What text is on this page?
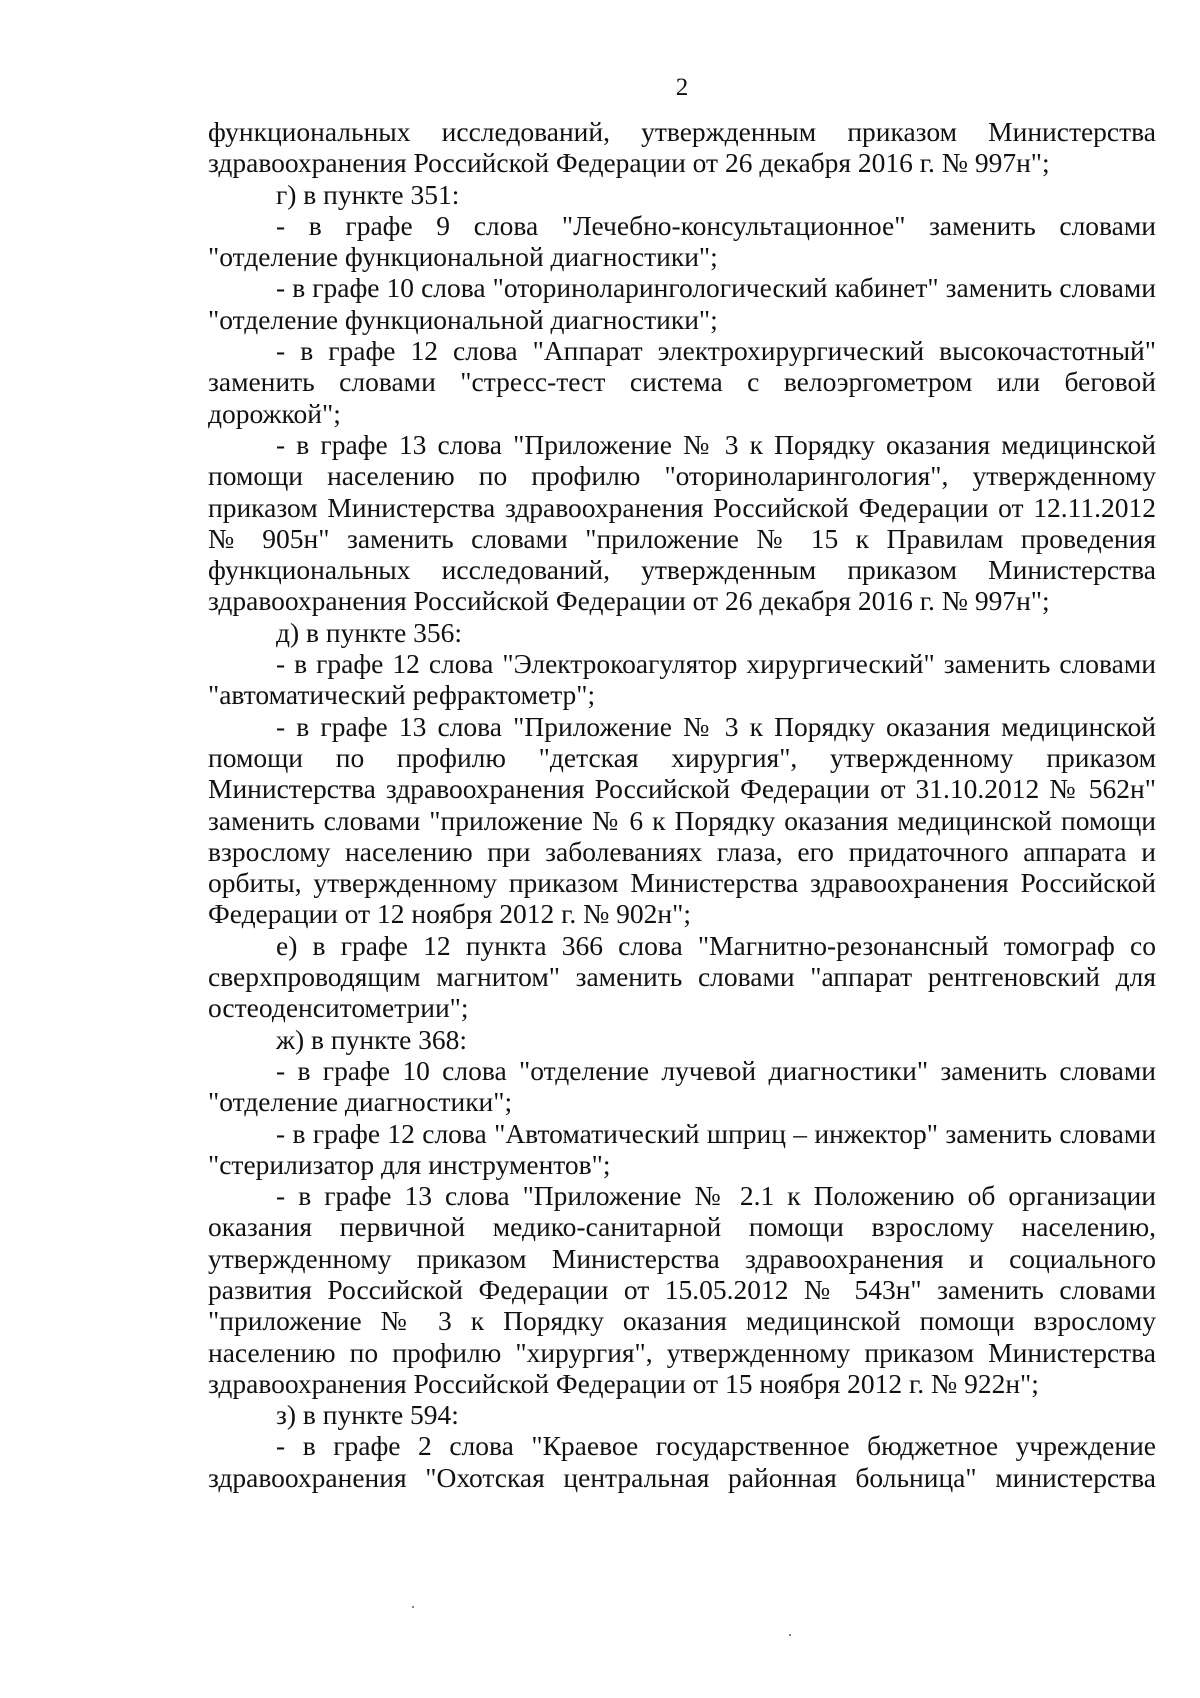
2

функциональных исследований, утвержденным приказом Министерства здравоохранения Российской Федерации от 26 декабря 2016 г. № 997н";

г) в пункте 351:

- в графе 9 слова "Лечебно-консультационное" заменить словами "отделение функциональной диагностики";

- в графе 10 слова "оториноларингологический кабинет" заменить словами "отделение функциональной диагностики";

- в графе 12 слова "Аппарат электрохирургический высокочастотный" заменить словами "стресс-тест система с велоэргометром или беговой дорожкой";

- в графе 13 слова "Приложение № 3 к Порядку оказания медицинской помощи населению по профилю "оториноларингология", утвержденному приказом Министерства здравоохранения Российской Федерации от 12.11.2012 № 905н" заменить словами "приложение № 15 к Правилам проведения функциональных исследований, утвержденным приказом Министерства здравоохранения Российской Федерации от 26 декабря 2016 г. № 997н";

д) в пункте 356:

- в графе 12 слова "Электрокоагулятор хирургический" заменить словами "автоматический рефрактометр";

- в графе 13 слова "Приложение № 3 к Порядку оказания медицинской помощи по профилю "детская хирургия", утвержденному приказом Министерства здравоохранения Российской Федерации от 31.10.2012 № 562н" заменить словами "приложение № 6 к Порядку оказания медицинской помощи взрослому населению при заболеваниях глаза, его придаточного аппарата и орбиты, утвержденному приказом Министерства здравоохранения Российской Федерации от 12 ноября 2012 г. № 902н";

е) в графе 12 пункта 366 слова "Магнитно-резонансный томограф со сверхпроводящим магнитом" заменить словами "аппарат рентгеновский для остеоденситометрии";

ж) в пункте 368:

- в графе 10 слова "отделение лучевой диагностики" заменить словами "отделение диагностики";

- в графе 12 слова "Автоматический шприц – инжектор" заменить словами "стерилизатор для инструментов";

- в графе 13 слова "Приложение № 2.1 к Положению об организации оказания первичной медико-санитарной помощи взрослому населению, утвержденному приказом Министерства здравоохранения и социального развития Российской Федерации от 15.05.2012 № 543н" заменить словами "приложение № 3 к Порядку оказания медицинской помощи взрослому населению по профилю "хирургия", утвержденному приказом Министерства здравоохранения Российской Федерации от 15 ноября 2012 г. № 922н";

з) в пункте 594:

- в графе 2 слова "Краевое государственное бюджетное учреждение здравоохранения "Охотская центральная районная больница" министерства
